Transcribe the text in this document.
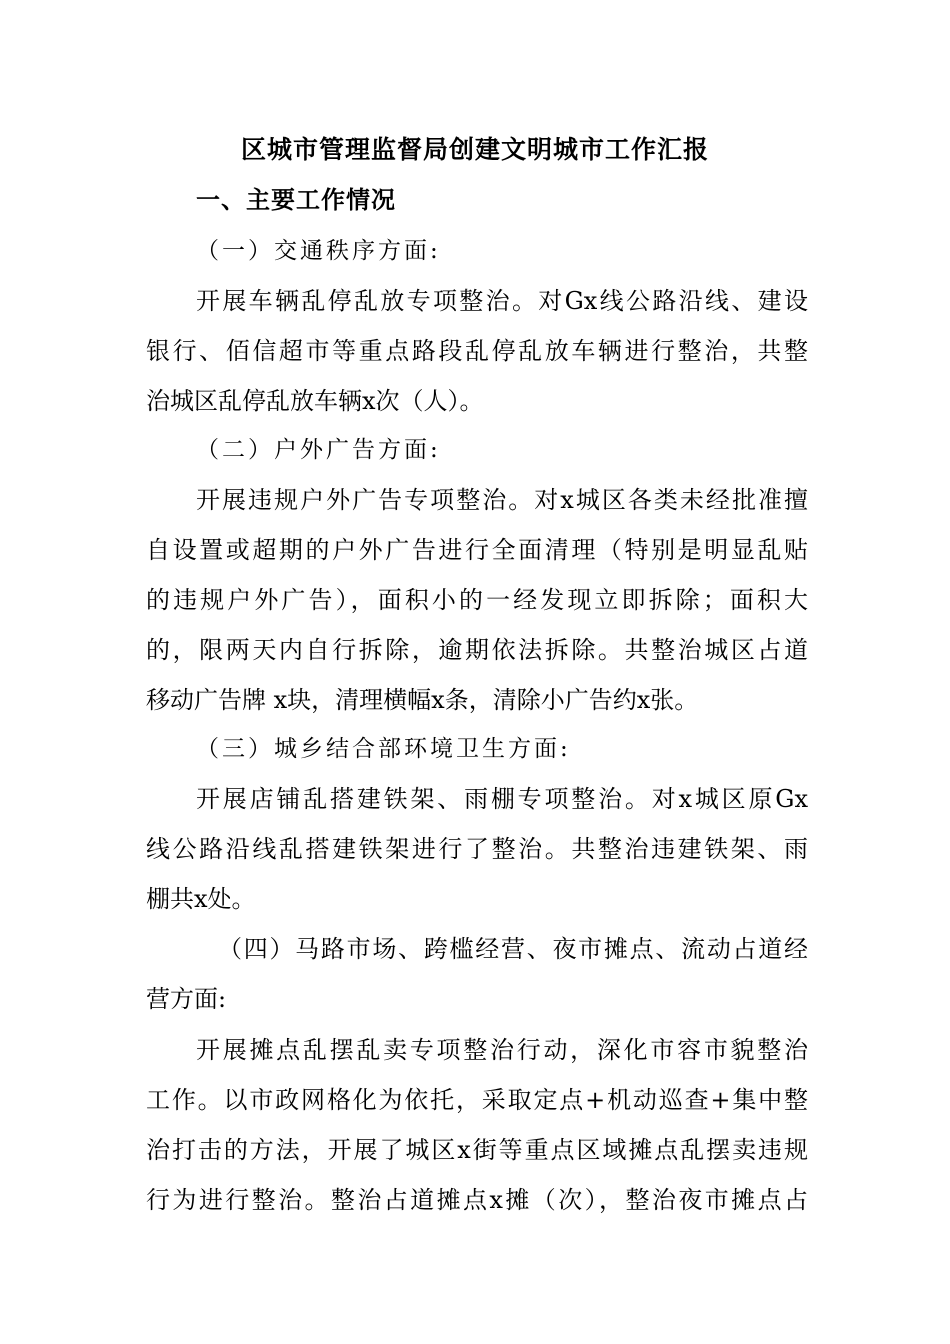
区城市管理监督局创建文明城市工作汇报
一、主要工作情况
（一）交通秩序方面:
开展车辆乱停乱放专项整治。对Gx线公路沿线、建设
银行、佰信超市等重点路段乱停乱放车辆进行整治，共整
治城区乱停乱放车辆x次（人）。
（二）户外广告方面:
开展违规户外广告专项整治。对x城区各类未经批准擅
自设置或超期的户外广告进行全面清理（特别是明显乱贴
的违规户外广告），面积小的一经发现立即拆除；面积大
的，限两天内自行拆除，逾期依法拆除。共整治城区占道
移动广告牌 x块，清理横幅x条，清除小广告约x张。
（三）城乡结合部环境卫生方面:
开展店铺乱搭建铁架、雨棚专项整治。对x城区原Gx
线公路沿线乱搭建铁架进行了整治。共整治违建铁架、雨
棚共x处。
（四）马路市场、跨槛经营、夜市摊点、流动占道经
营方面:
开展摊点乱摆乱卖专项整治行动，深化市容市貌整治
工作。以市政网格化为依托，采取定点+机动巡查+集中整
治打击的方法，开展了城区x街等重点区域摊点乱摆卖违规
行为进行整治。整治占道摊点x摊（次），整治夜市摊点占
